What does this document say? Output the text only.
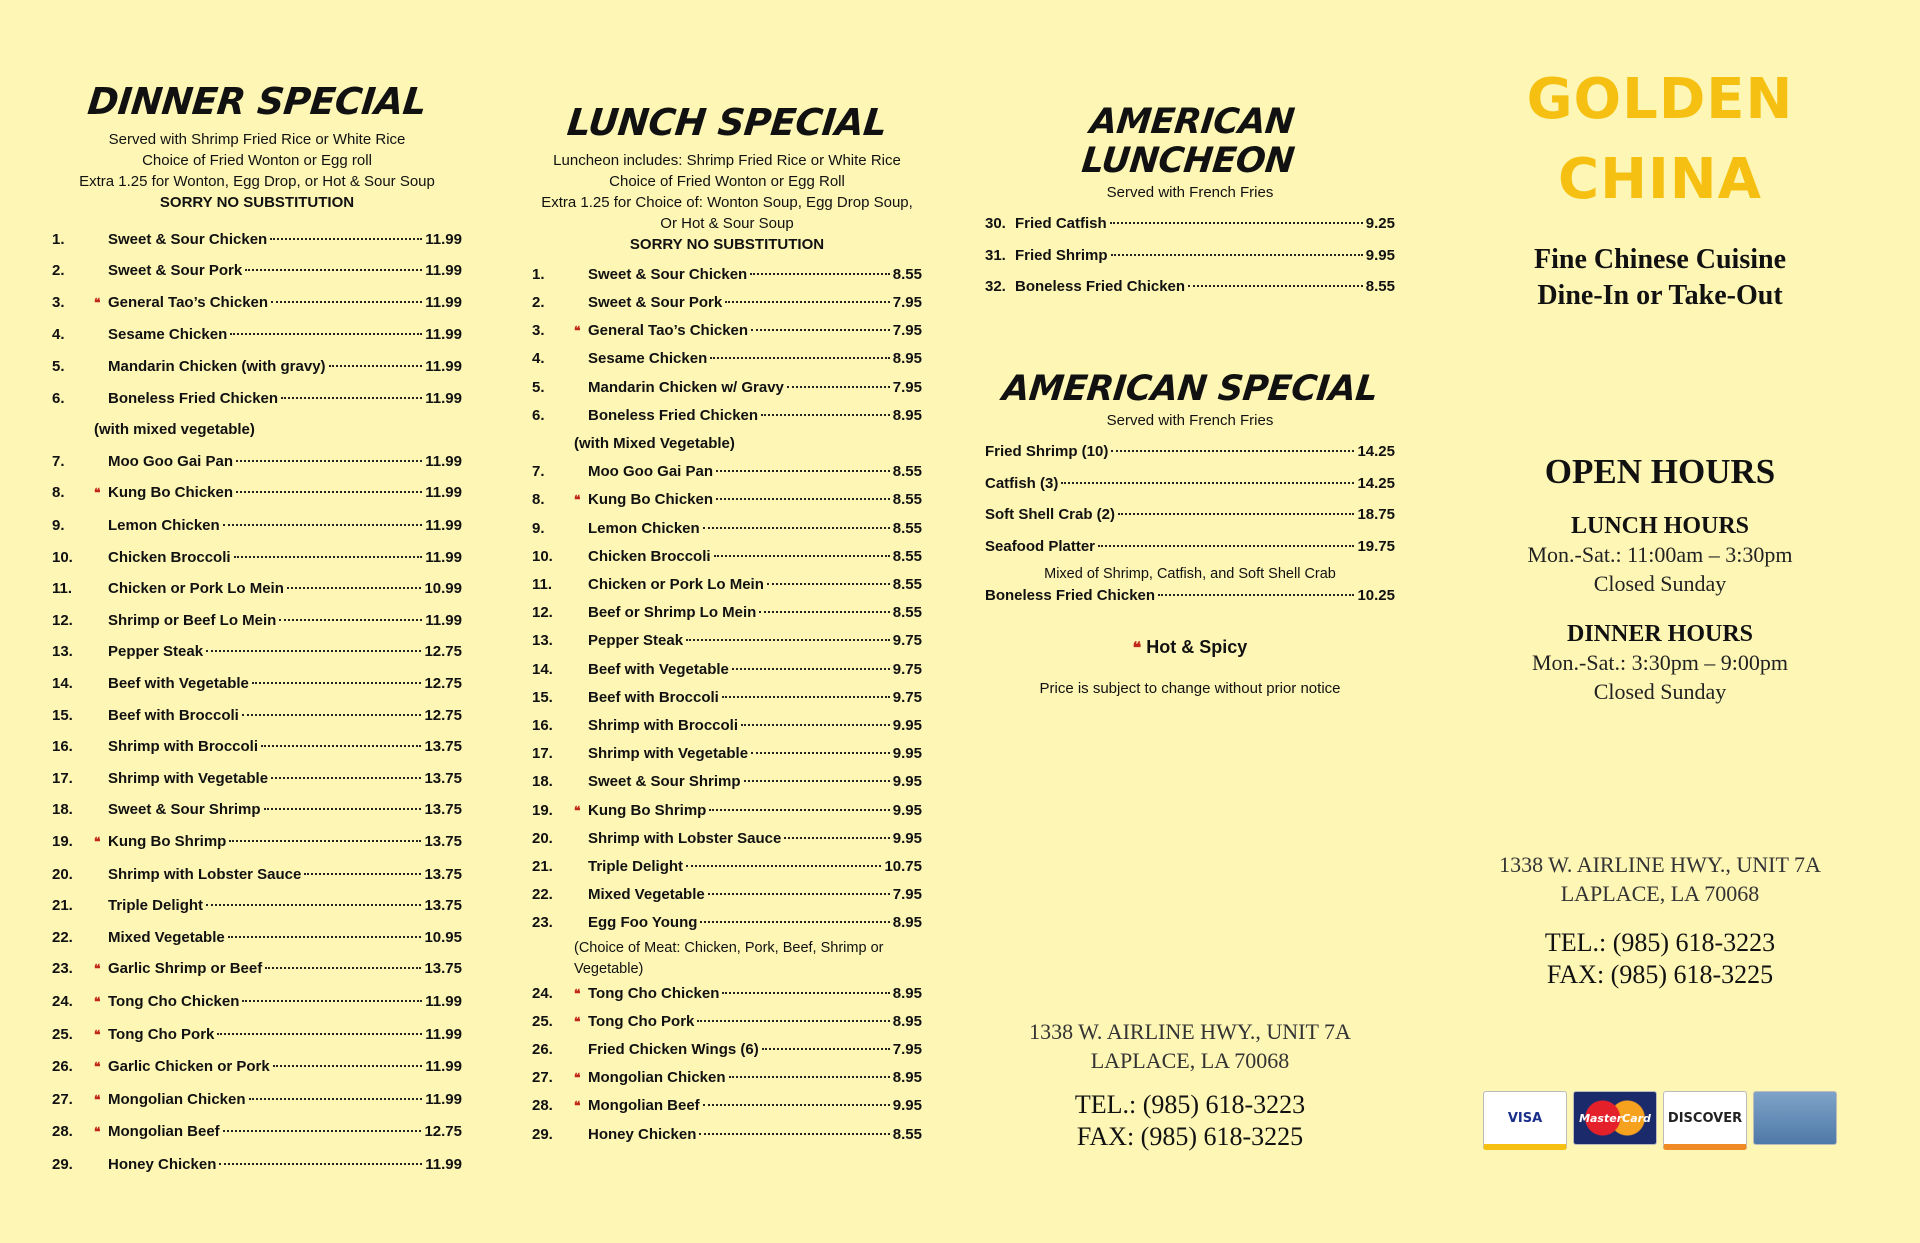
DINNER SPECIAL

Served with Shrimp Fried Rice or White Rice

Choice of Fried Wonton or Egg roll

Extra 1.25 for Wonton, Egg Drop, or Hot & Sour Soup

SORRY NO SUBSTITUTION

1.	Sweet & Sour Chicken	11.99
2.	Sweet & Sour Pork	11.99
3.	❝ General Tao’s Chicken	11.99
4.	Sesame Chicken	11.99
5.	Mandarin Chicken (with gravy)	11.99
6.	Boneless Fried Chicken	11.99
(with mixed vegetable)
7.	Moo Goo Gai Pan	11.99
8.	❝ Kung Bo Chicken	11.99
9.	Lemon Chicken	11.99
10.	Chicken Broccoli	11.99
11.	Chicken or Pork Lo Mein	10.99
12.	Shrimp or Beef Lo Mein	11.99
13.	Pepper Steak	12.75
14.	Beef with Vegetable	12.75
15.	Beef with Broccoli	12.75
16.	Shrimp with Broccoli	13.75
17.	Shrimp with Vegetable	13.75
18.	Sweet & Sour Shrimp	13.75
19.	❝ Kung Bo Shrimp	13.75
20.	Shrimp with Lobster Sauce	13.75
21.	Triple Delight	13.75
22.	Mixed Vegetable	10.95
23.	❝ Garlic Shrimp or Beef	13.75
24.	❝ Tong Cho Chicken	11.99
25.	❝ Tong Cho Pork	11.99
26.	❝ Garlic Chicken or Pork	11.99
27.	❝ Mongolian Chicken	11.99
28.	❝ Mongolian Beef	12.75
29.	Honey Chicken	11.99
LUNCH SPECIAL

Luncheon includes: Shrimp Fried Rice or White Rice

Choice of Fried Wonton or Egg Roll

Extra 1.25 for Choice of: Wonton Soup, Egg Drop Soup,

Or Hot & Sour Soup

SORRY NO SUBSTITUTION

1.	Sweet & Sour Chicken	8.55
2.	Sweet & Sour Pork	7.95
3.	❝ General Tao’s Chicken	7.95
4.	Sesame Chicken	8.95
5.	Mandarin Chicken w/ Gravy	7.95
6.	Boneless Fried Chicken	8.95
(with Mixed Vegetable)
7.	Moo Goo Gai Pan	8.55
8.	❝ Kung Bo Chicken	8.55
9.	Lemon Chicken	8.55
10.	Chicken Broccoli	8.55
11.	Chicken or Pork Lo Mein	8.55
12.	Beef or Shrimp Lo Mein	8.55
13.	Pepper Steak	9.75
14.	Beef with Vegetable	9.75
15.	Beef with Broccoli	9.75
16.	Shrimp with Broccoli	9.95
17.	Shrimp with Vegetable	9.95
18.	Sweet & Sour Shrimp	9.95
19.	❝ Kung Bo Shrimp	9.95
20.	Shrimp with Lobster Sauce	9.95
21.	Triple Delight	10.75
22.	Mixed Vegetable	7.95
23.	Egg Foo Young	8.95
(Choice of Meat: Chicken, Pork, Beef, Shrimp or Vegetable)
24.	❝ Tong Cho Chicken	8.95
25.	❝ Tong Cho Pork	8.95
26.	Fried Chicken Wings (6)	7.95
27.	❝ Mongolian Chicken	8.95
28.	❝ Mongolian Beef	9.95
29.	Honey Chicken	8.55
AMERICAN LUNCHEON

Served with French Fries

30. Fried Catfish	9.25
31. Fried Shrimp	9.95
32. Boneless Fried Chicken	8.55
AMERICAN SPECIAL

Served with French Fries

Fried Shrimp (10)	14.25
Catfish (3)	14.25
Soft Shell Crab (2)	18.75
Seafood Platter	19.75

Mixed of Shrimp, Catfish, and Soft Shell Crab

Boneless Fried Chicken	10.25
❝ Hot & Spicy

Price is subject to change without prior notice

1338 W. AIRLINE HWY., UNIT 7A

LAPLACE, LA 70068

TEL.: (985) 618-3223

FAX: (985) 618-3225

GOLDEN

CHINA

Fine Chinese Cuisine

Dine-In or Take-Out

OPEN HOURS

LUNCH HOURS

Mon.-Sat.: 11:00am – 3:30pm

Closed Sunday

DINNER HOURS

Mon.-Sat.: 3:30pm – 9:00pm

Closed Sunday

1338 W. AIRLINE HWY., UNIT 7A

LAPLACE, LA 70068

TEL.: (985) 618-3223

FAX: (985) 618-3225

VISA	MasterCard DISCOVER
